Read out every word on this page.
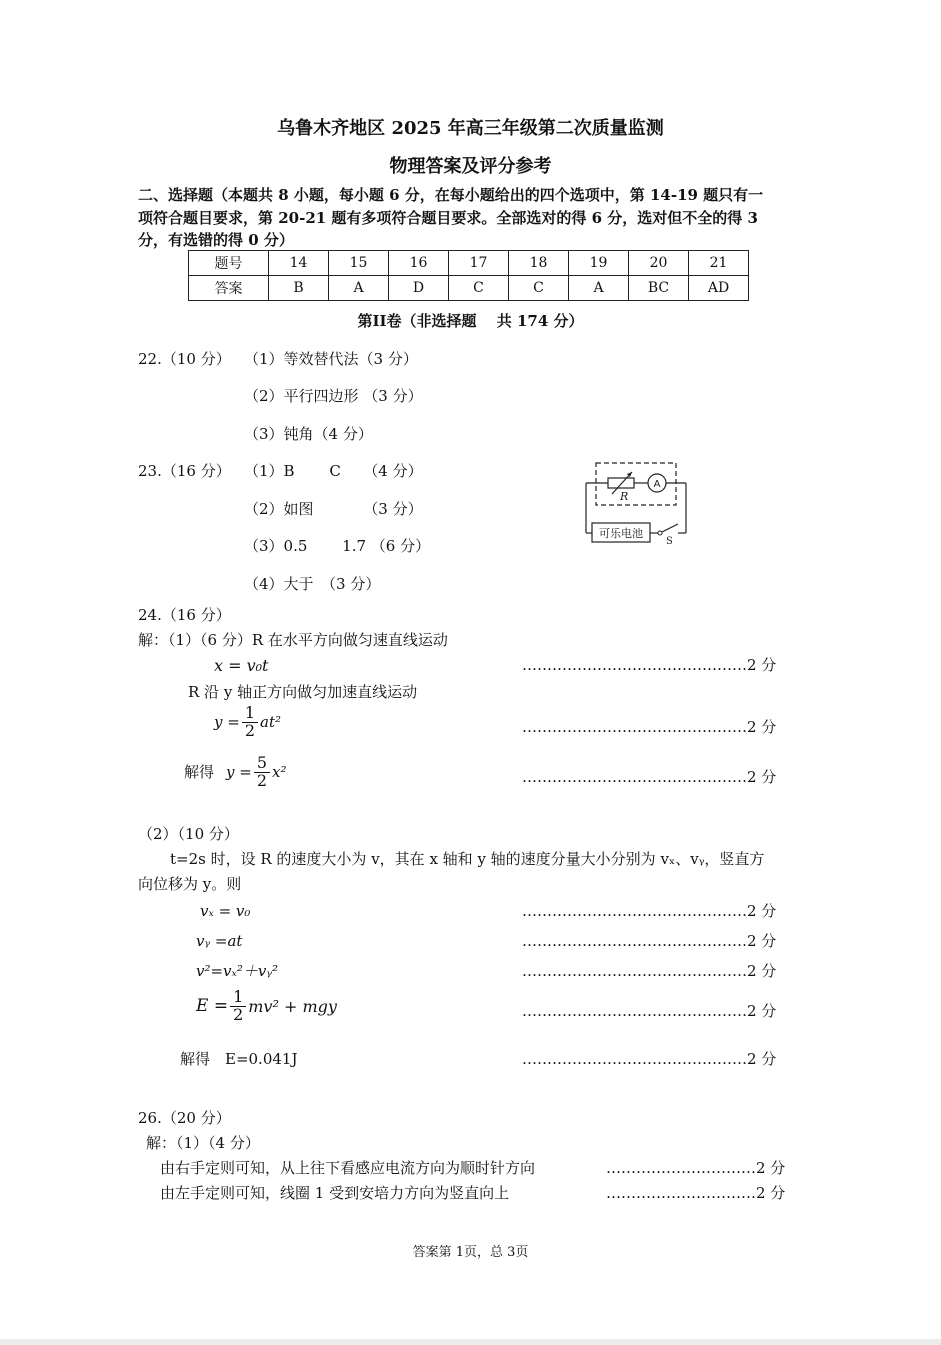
乌鲁木齐地区 2025 年高三年级第二次质量监测
物理答案及评分参考
二、选择题（本题共 8 小题，每小题 6 分，在每小题给出的四个选项中，第 14-19 题只有一
项符合题目要求，第 20-21 题有多项符合题目要求。全部选对的得 6 分，选对但不全的得 3
分，有选错的得 0 分）
题号	14	15	16	17	18	19	20	21
答案	B	A	D	C	C	A	BC	AD
第II卷（非选择题　 共 174 分）
22.（10 分） （1）等效替代法（3 分）
（2）平行四边形 （3 分）
（3）钝角（4 分）
23.（16 分） （1）B　　 C　　（4 分）
（2）如图　　　 （3 分）
（3）0.5　　 1.7 （6 分）
（4）大于　（3 分）
R
A
可乐电池
S
24.（16 分）
解：（1）（6 分）R 在水平方向做匀速直线运动
x = v₀t	………………………………………2 分
R 沿 y 轴正方向做匀加速直线运动
$y = \frac{1}{2} at^2$	………………………………………2 分
解得 $y = \frac{5}{2} x^2$	………………………………………2 分
（2）（10 分）
t=2s 时，设 R 的速度大小为 v，其在 x 轴和 y 轴的速度分量大小分别为 vₓ、vᵧ，竖直方
向位移为 y。则
vₓ = v₀	………………………………………2 分
vᵧ =at	………………………………………2 分
v²=vₓ²＋vᵧ²	………………………………………2 分
$E = \frac{1}{2} mv^2$ + mgy	………………………………………2 分
解得　E=0.041J	………………………………………2 分
26.（20 分）
解：（1）（4 分）
由右手定则可知，从上往下看感应电流方向为顺时针方向	…………………………2 分
由左手定则可知，线圈 1 受到安培力方向为竖直向上	…………………………2 分
答案第 1页，总 3页
